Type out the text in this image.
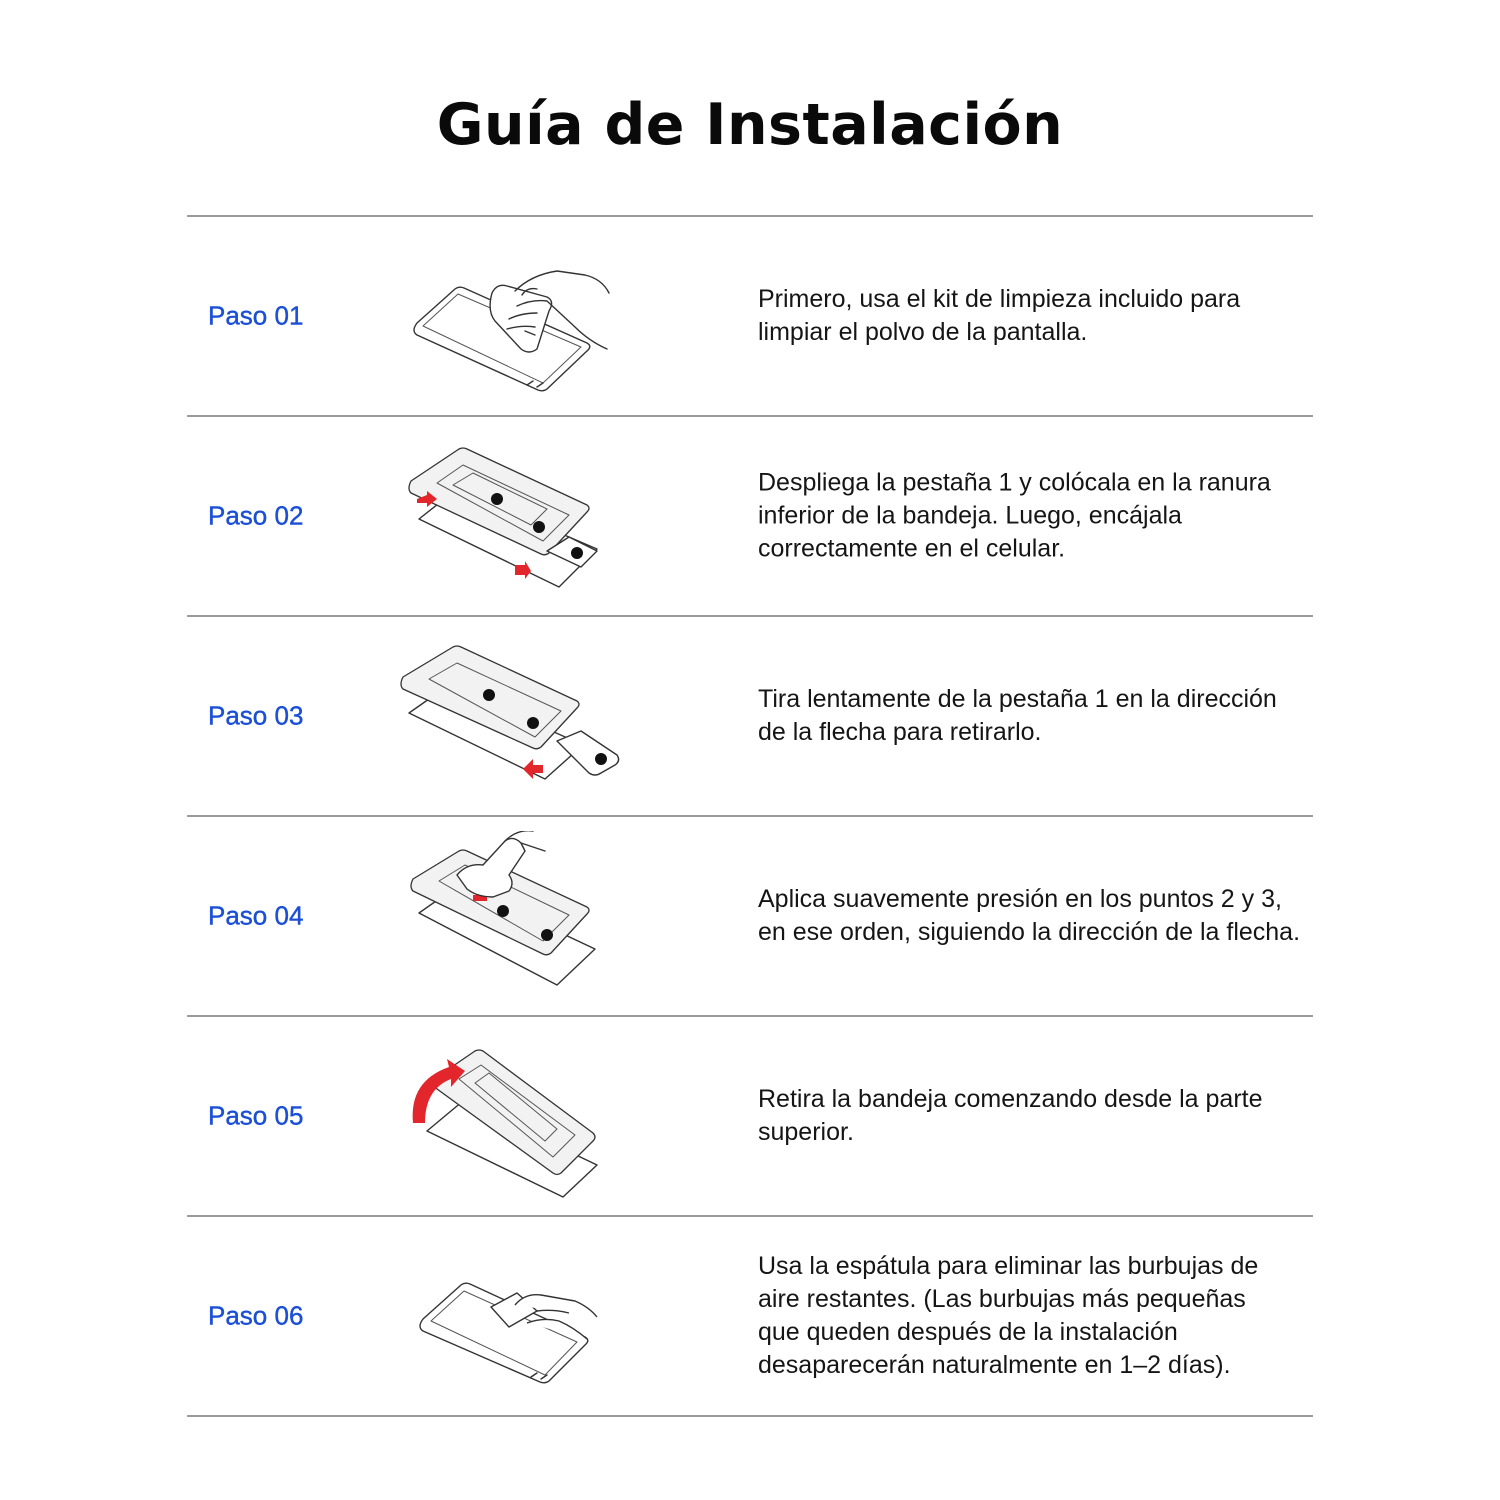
Guía de Instalación
Paso 01

Primero, usa el kit de limpieza incluido para
limpiar el polvo de la pantalla.

Paso 02

Despliega la pestaña 1 y colócala en la ranura
inferior de la bandeja. Luego, encájala
correctamente en el celular.

Paso 03

Tira lentamente de la pestaña 1 en la dirección
de la flecha para retirarlo.

Paso 04

Aplica suavemente presión en los puntos 2 y 3,
en ese orden, siguiendo la dirección de la flecha.

Paso 05

Retira la bandeja comenzando desde la parte
superior.

Paso 06

Usa la espátula para eliminar las burbujas de
aire restantes. (Las burbujas más pequeñas
que queden después de la instalación
desaparecerán naturalmente en 1–2 días).
